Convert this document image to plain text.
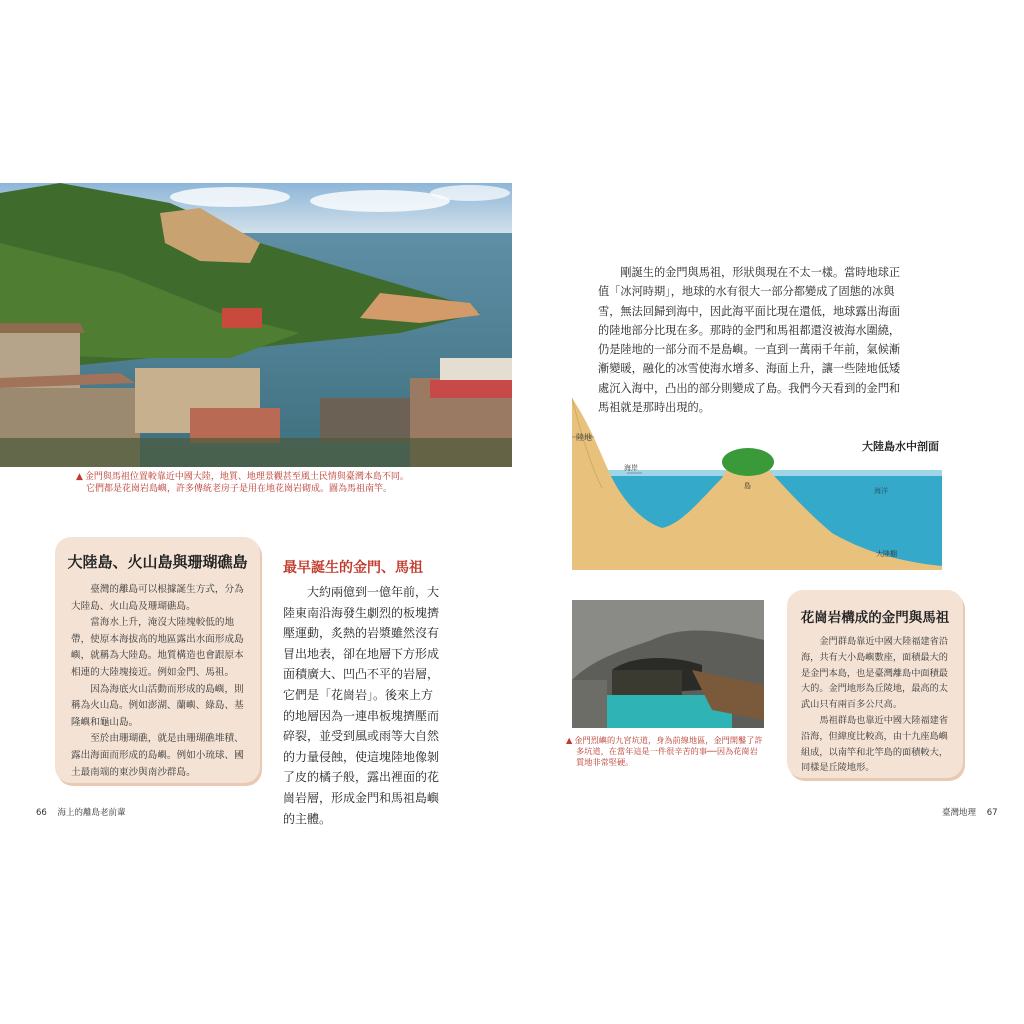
▲ 金門與馬祖位置較靠近中國大陸，地質、地理景觀甚至風土民情與臺灣本島不同。
它們都是花崗岩島嶼，許多傳統老房子是用在地花崗岩砌成。圖為馬祖南竿。
大陸島、火山島與珊瑚礁島

臺灣的離島可以根據誕生方式，分為大陸島、火山島及珊瑚礁島。

當海水上升，淹沒大陸塊較低的地帶，使原本海拔高的地區露出水面形成島嶼，就稱為大陸島。地質構造也會跟原本相連的大陸塊接近。例如金門、馬祖。

因為海底火山活動而形成的島嶼，則稱為火山島。例如澎湖、蘭嶼、綠島、基隆嶼和龜山島。

至於由珊瑚礁，就是由珊瑚礁堆積、露出海面而形成的島嶼。例如小琉球、國土最南端的東沙與南沙群島。

最早誕生的金門、馬祖

大約兩億到一億年前，大陸東南沿海發生劇烈的板塊擠壓運動，炙熱的岩漿雖然沒有冒出地表，卻在地層下方形成面積廣大、凹凸不平的岩層，它們是「花崗岩」。後來上方的地層因為一連串板塊擠壓而碎裂，並受到風或雨等大自然的力量侵蝕，使這塊陸地像剝了皮的橘子般，露出裡面的花崗岩層，形成金門和馬祖島嶼的主體。

66 海上的離島老前輩

剛誕生的金門與馬祖，形狀與現在不太一樣。當時地球正值「冰河時期」，地球的水有很大一部分都變成了固態的冰與雪，無法回歸到海中，因此海平面比現在還低，地球露出海面的陸地部分比現在多。那時的金門和馬祖都還沒被海水圍繞，仍是陸地的一部分而不是島嶼。一直到一萬兩千年前，氣候漸漸變暖，融化的冰雪使海水增多、海面上升，讓一些陸地低矮處沉入海中，凸出的部分則變成了島。我們今天看到的金門和馬祖就是那時出現的。

陸地
海岸
島
海洋
大陸棚
大陸島水中剖面
▲ 金門烈嶼的九宮坑道，身為前線地區，金門開鑿了許
多坑道，在當年這是一件很辛苦的事──因為花崗岩
質地非常堅硬。
花崗岩構成的金門與馬祖

金門群島靠近中國大陸福建省沿海，共有大小島嶼數座，面積最大的是金門本島，也是臺灣離島中面積最大的。金門地形為丘陵地，最高的太武山只有兩百多公尺高。

馬祖群島也靠近中國大陸福建省沿海，但緯度比較高，由十九座島嶼組成，以南竿和北竿島的面積較大，同樣是丘陵地形。

臺灣地理 67
